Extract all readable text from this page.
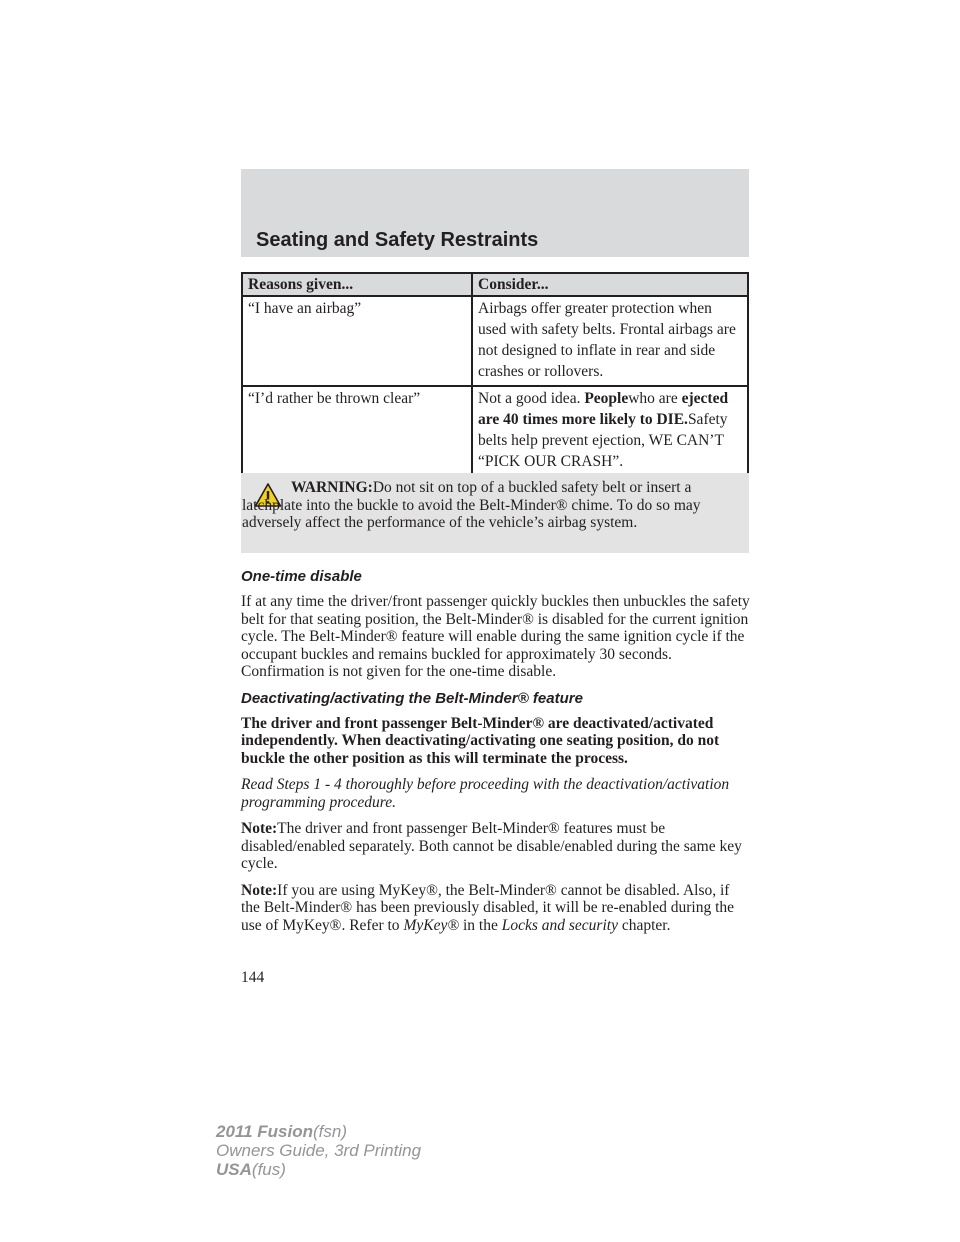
Seating and Safety Restraints
Reasons given...	Consider...
“I have an airbag”	Airbags offer greater protection when used with safety belts. Frontal airbags are not designed to inflate in rear and side crashes or rollovers.
“I’d rather be thrown clear”	Not a good idea. Peoplewho are ejected are 40 times more likely to DIE.Safety belts help prevent ejection, WE CAN’T “PICK OUR CRASH”.
WARNING:Do not sit on top of a buckled safety belt or insert a latchplate into the buckle to avoid the Belt-Minder® chime. To do so may adversely affect the performance of the vehicle’s airbag system.
One-time disable

If at any time the driver/front passenger quickly buckles then unbuckles the safety belt for that seating position, the Belt-Minder® is disabled for the current ignition cycle. The Belt-Minder® feature will enable during the same ignition cycle if the occupant buckles and remains buckled for approximately 30 seconds. Confirmation is not given for the one-time disable.

Deactivating/activating the Belt-Minder® feature

The driver and front passenger Belt-Minder® are deactivated/activated independently. When deactivating/activating one seating position, do not buckle the other position as this will terminate the process.

Read Steps 1 - 4 thoroughly before proceeding with the deactivation/activation programming procedure.

Note:The driver and front passenger Belt-Minder® features must be disabled/enabled separately. Both cannot be disable/enabled during the same key cycle.

Note:If you are using MyKey®, the Belt-Minder® cannot be disabled. Also, if the Belt-Minder® has been previously disabled, it will be re-enabled during the use of MyKey®. Refer to MyKey® in the Locks and security chapter.

144
2011 Fusion(fsn)
Owners Guide, 3rd Printing
USA(fus)
